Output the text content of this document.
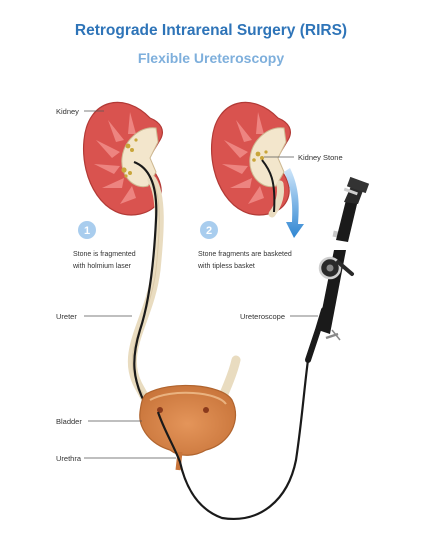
Retrograde Intrarenal Surgery (RIRS)
Flexible Ureteroscopy
Kidney
Kidney Stone
Ureter	Ureteroscope
Bladder
Urethra
1
Stone is fragmented
with holmium laser
2
Stone fragments are basketed
with tipless basket
